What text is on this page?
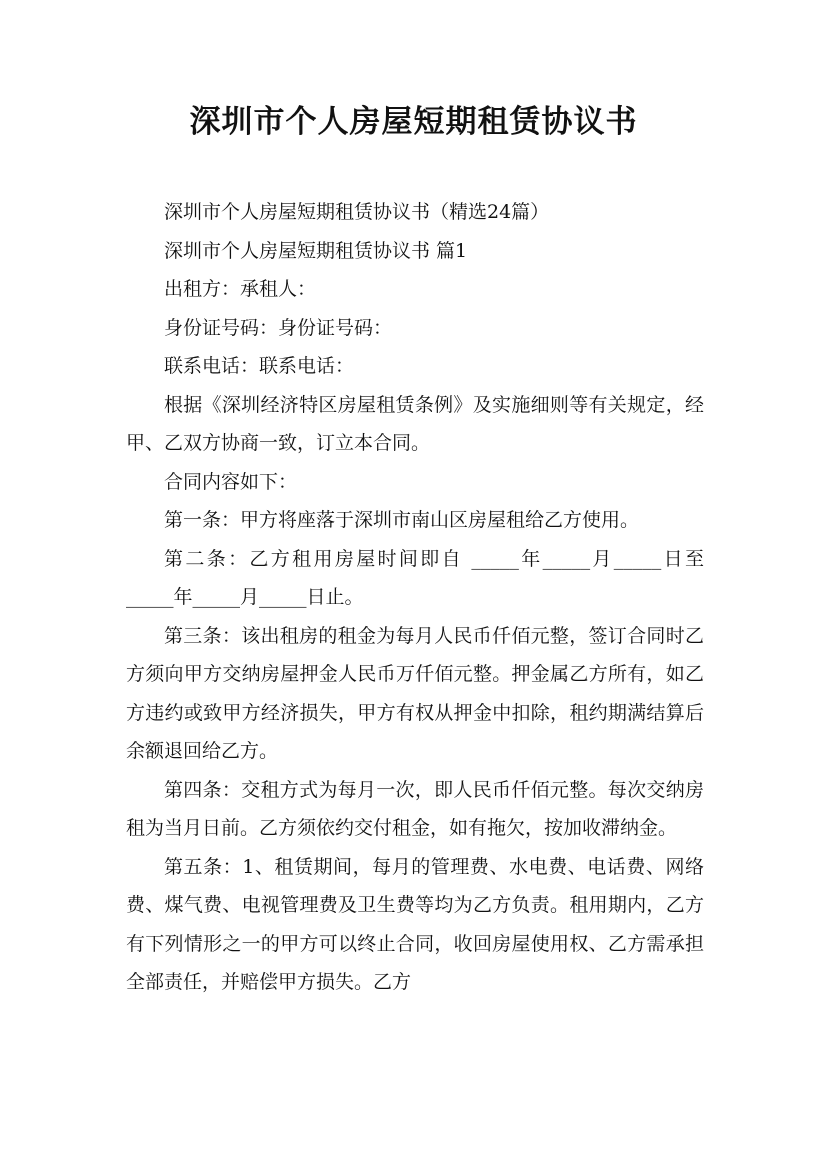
深圳市个人房屋短期租赁协议书

深圳市个人房屋短期租赁协议书（精选24篇）

深圳市个人房屋短期租赁协议书 篇1

出租方：承租人：

身份证号码：身份证号码：

联系电话：联系电话：

根据《深圳经济特区房屋租赁条例》及实施细则等有关规定，经甲、乙双方协商一致，订立本合同。

合同内容如下：

第一条：甲方将座落于深圳市南山区房屋租给乙方使用。

第二条：乙方租用房屋时间即自 _____年_____月_____日至 _____年_____月_____日止。

第三条：该出租房的租金为每月人民币仟佰元整，签订合同时乙方须向甲方交纳房屋押金人民币万仟佰元整。押金属乙方所有，如乙方违约或致甲方经济损失，甲方有权从押金中扣除，租约期满结算后余额退回给乙方。

第四条：交租方式为每月一次，即人民币仟佰元整。每次交纳房租为当月日前。乙方须依约交付租金，如有拖欠，按加收滞纳金。

第五条：1、租赁期间，每月的管理费、水电费、电话费、网络费、煤气费、电视管理费及卫生费等均为乙方负责。租用期内，乙方有下列情形之一的甲方可以终止合同，收回房屋使用权、乙方需承担全部责任，并赔偿甲方损失。乙方
